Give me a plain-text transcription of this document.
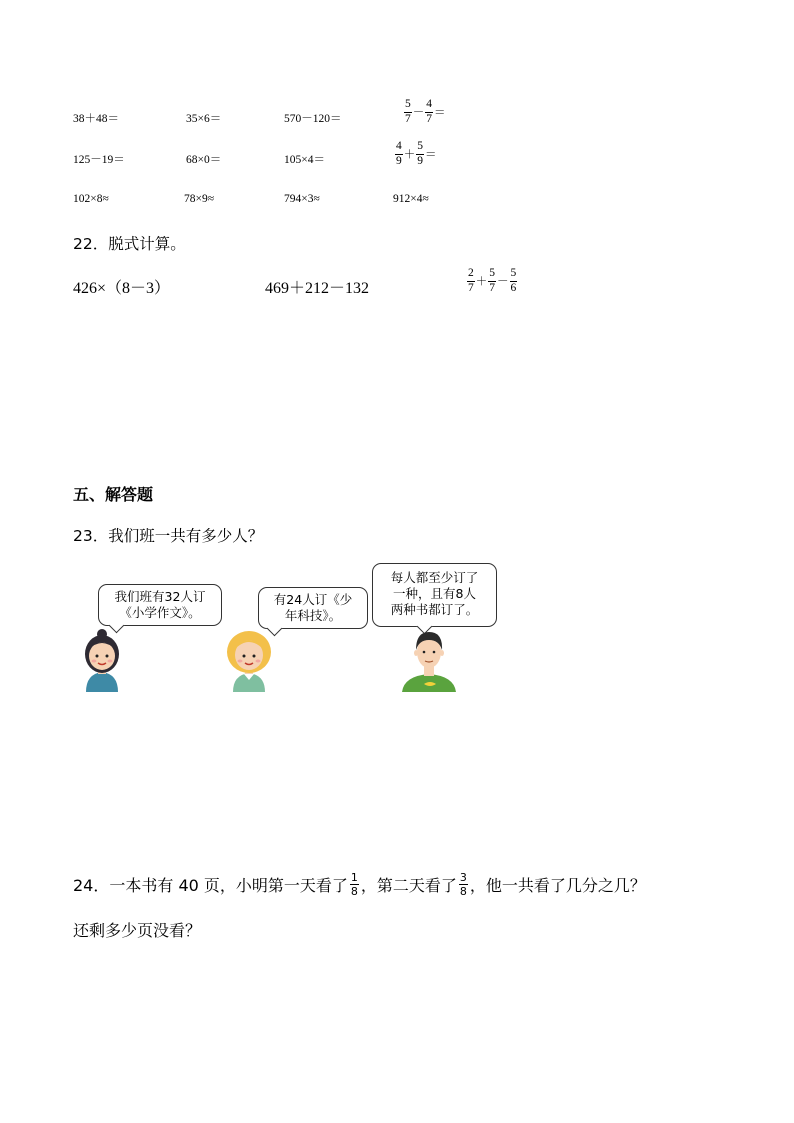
38＋48＝	35×6＝	570－120＝	$\frac{5}{7} - \frac{4}{7}$ ＝
125－19＝	68×0＝	105×4＝	$\frac{4}{9} + \frac{5}{9}$ ＝
102×8≈	78×9≈	794×3≈	912×4≈
22．脱式计算。
426×（8－3）	469＋212－132	$\frac{2}{7} + \frac{5}{7} - \frac{5}{6}$
五、解答题
23．我们班一共有多少人？
我们班有32人订《小学作文》。
有24人订《少年科技》。
每人都至少订了一种，且有8人两种书都订了。
24．一本书有 40 页，小明第一天看了 $\frac{1}{8}$ ，第二天看了 $\frac{3}{8}$ ，他一共看了几分之几？
还剩多少页没看？
